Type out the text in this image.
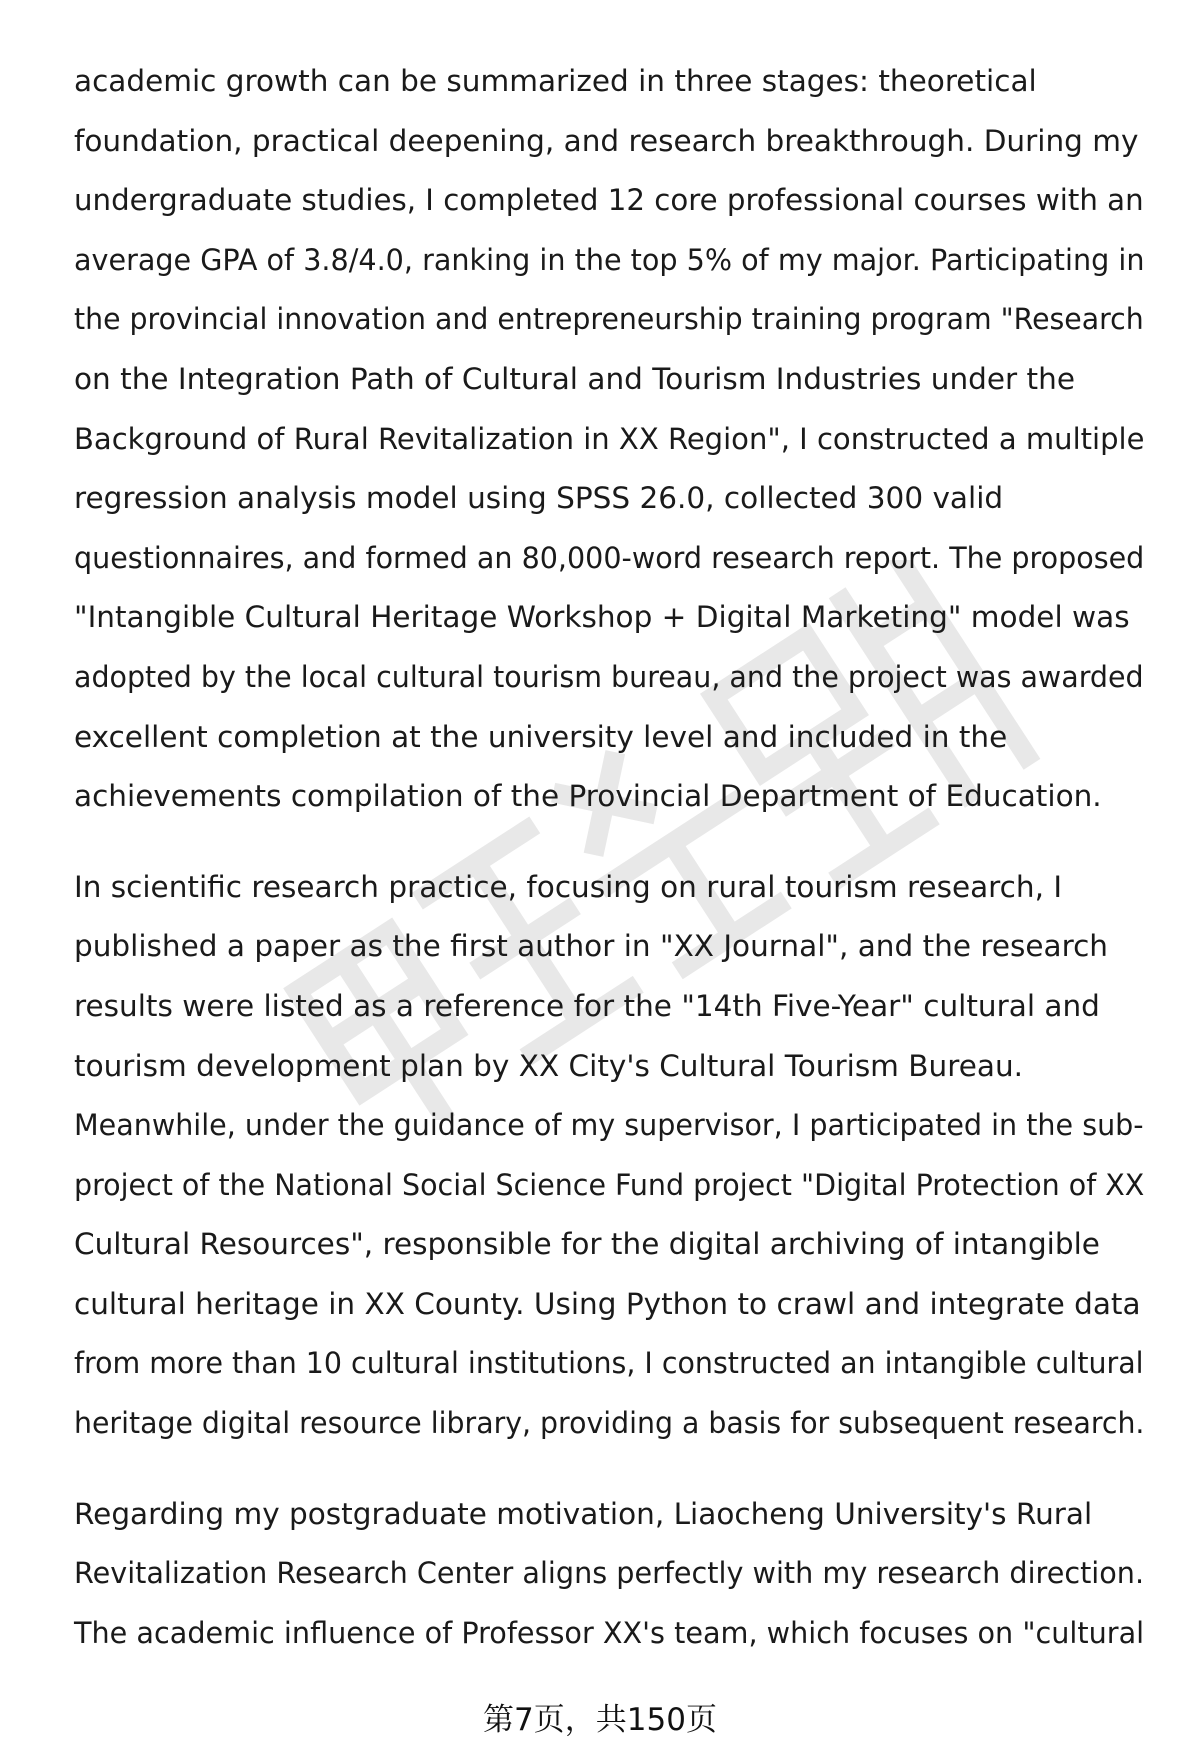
academic growth can be summarized in three stages: theoretical
foundation, practical deepening, and research breakthrough. During my
undergraduate studies, I completed 12 core professional courses with an
average GPA of 3.8/4.0, ranking in the top 5% of my major. Participating in
the provincial innovation and entrepreneurship training program "Research
on the Integration Path of Cultural and Tourism Industries under the
Background of Rural Revitalization in XX Region", I constructed a multiple
regression analysis model using SPSS 26.0, collected 300 valid
questionnaires, and formed an 80,000-word research report. The proposed
"Intangible Cultural Heritage Workshop + Digital Marketing" model was
adopted by the local cultural tourism bureau, and the project was awarded
excellent completion at the university level and included in the
achievements compilation of the Provincial Department of Education.

In scientific research practice, focusing on rural tourism research, I
published a paper as the first author in "XX Journal", and the research
results were listed as a reference for the "14th Five-Year" cultural and
tourism development plan by XX City's Cultural Tourism Bureau.
Meanwhile, under the guidance of my supervisor, I participated in the sub-
project of the National Social Science Fund project "Digital Protection of XX
Cultural Resources", responsible for the digital archiving of intangible
cultural heritage in XX County. Using Python to crawl and integrate data
from more than 10 cultural institutions, I constructed an intangible cultural
heritage digital resource library, providing a basis for subsequent research.

Regarding my postgraduate motivation, Liaocheng University's Rural
Revitalization Research Center aligns perfectly with my research direction.
The academic influence of Professor XX's team, which focuses on "cultural

第7页，共150页
